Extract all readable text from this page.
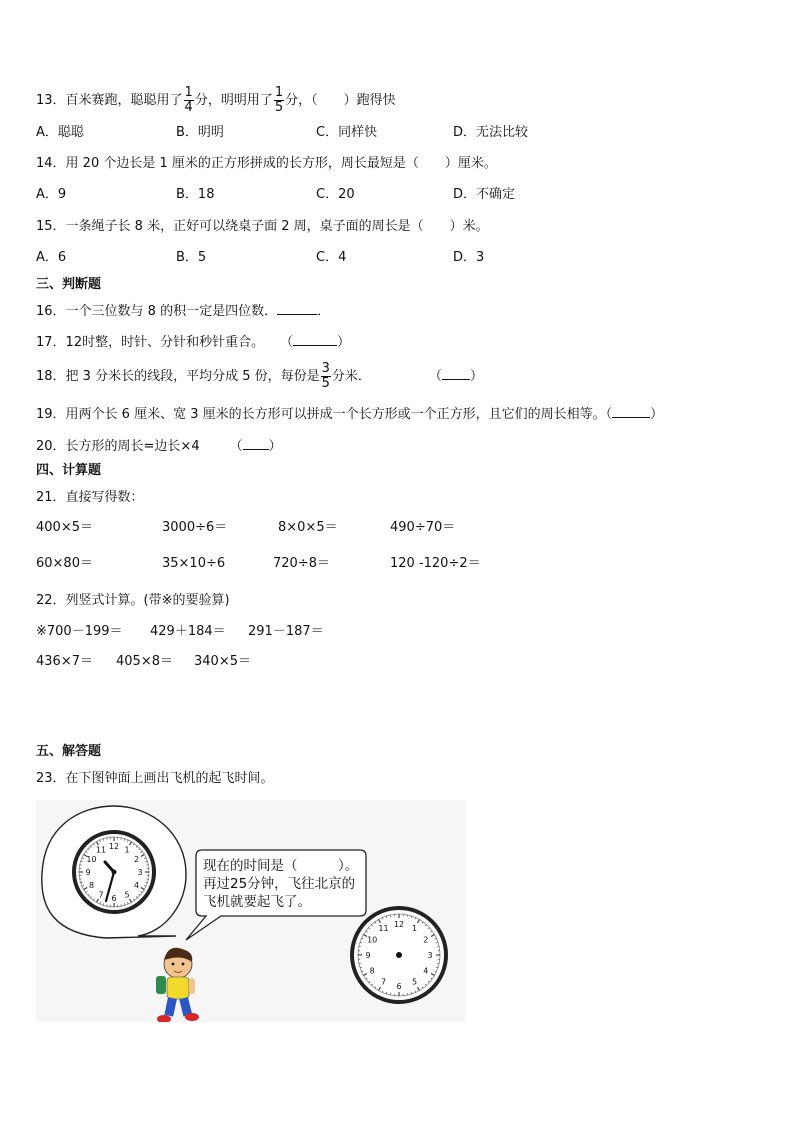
13．百米赛跑，聪聪用了 $\frac{1}{4}$ 分，明明用了 $\frac{1}{5}$ 分，（　　）跑得快
A．聪聪	B．明明	C．同样快	D．无法比较
14．用 20 个边长是 1 厘米的正方形拼成的长方形，周长最短是（　　）厘米。
A．9	B．18	C．20	D．不确定
15．一条绳子长 8 米，正好可以绕桌子面 2 周，桌子面的周长是（　　）米。
A．6	B．5	C．4	D．3
三、判断题
16．一个三位数与 8 的积一定是四位数．	．
17．12时整，时针、分针和秒针重合。 （	）
18．把 3 分米长的线段，平均分成 5 份，每份是 $\frac{3}{5}$ 分米．	（ ）
19．用两个长 6 厘米、宽 3 厘米的长方形可以拼成一个长方形或一个正方形，且它们的周长相等。（	）
20．长方形的周长=边长×4 （ ）
四、计算题
21．直接写得数：
400×5＝	3000÷6＝	8×0×5＝	490÷70＝
60×80＝	35×10÷6	720÷8＝	120 -120÷2＝
22．列竖式计算。(带※的要验算)
※700－199＝ 429＋184＝ 291－187＝
436×7＝ 405×8＝ 340×5＝
五、解答题
23．在下图钟面上画出飞机的起飞时间。
12 1
2
3
4
5
6
7
8
9
10
11
现在的时间是（　　　）。
再过25分钟，飞往北京的
飞机就要起飞了。
12 1
2
3
4
5
6
7
8
9
10
11
